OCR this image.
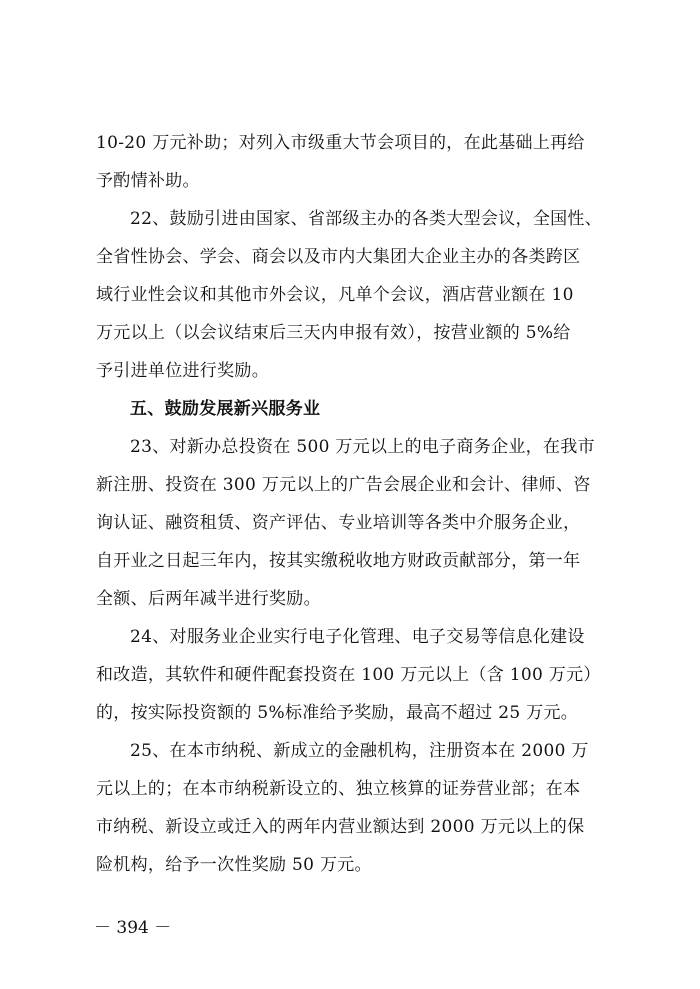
10-20 万元补助；对列入市级重大节会项目的，在此基础上再给
予酌情补助。
22、鼓励引进由国家、省部级主办的各类大型会议，全国性、
全省性协会、学会、商会以及市内大集团大企业主办的各类跨区
域行业性会议和其他市外会议，凡单个会议，酒店营业额在 10
万元以上（以会议结束后三天内申报有效），按营业额的 5%给
予引进单位进行奖励。
五、鼓励发展新兴服务业
23、对新办总投资在 500 万元以上的电子商务企业，在我市
新注册、投资在 300 万元以上的广告会展企业和会计、律师、咨
询认证、融资租赁、资产评估、专业培训等各类中介服务企业，
自开业之日起三年内，按其实缴税收地方财政贡献部分，第一年
全额、后两年减半进行奖励。
24、对服务业企业实行电子化管理、电子交易等信息化建设
和改造，其软件和硬件配套投资在 100 万元以上（含 100 万元）
的，按实际投资额的 5%标准给予奖励，最高不超过 25 万元。
25、在本市纳税、新成立的金融机构，注册资本在 2000 万
元以上的；在本市纳税新设立的、独立核算的证券营业部；在本
市纳税、新设立或迁入的两年内营业额达到 2000 万元以上的保
险机构，给予一次性奖励 50 万元。
－ 394 －
